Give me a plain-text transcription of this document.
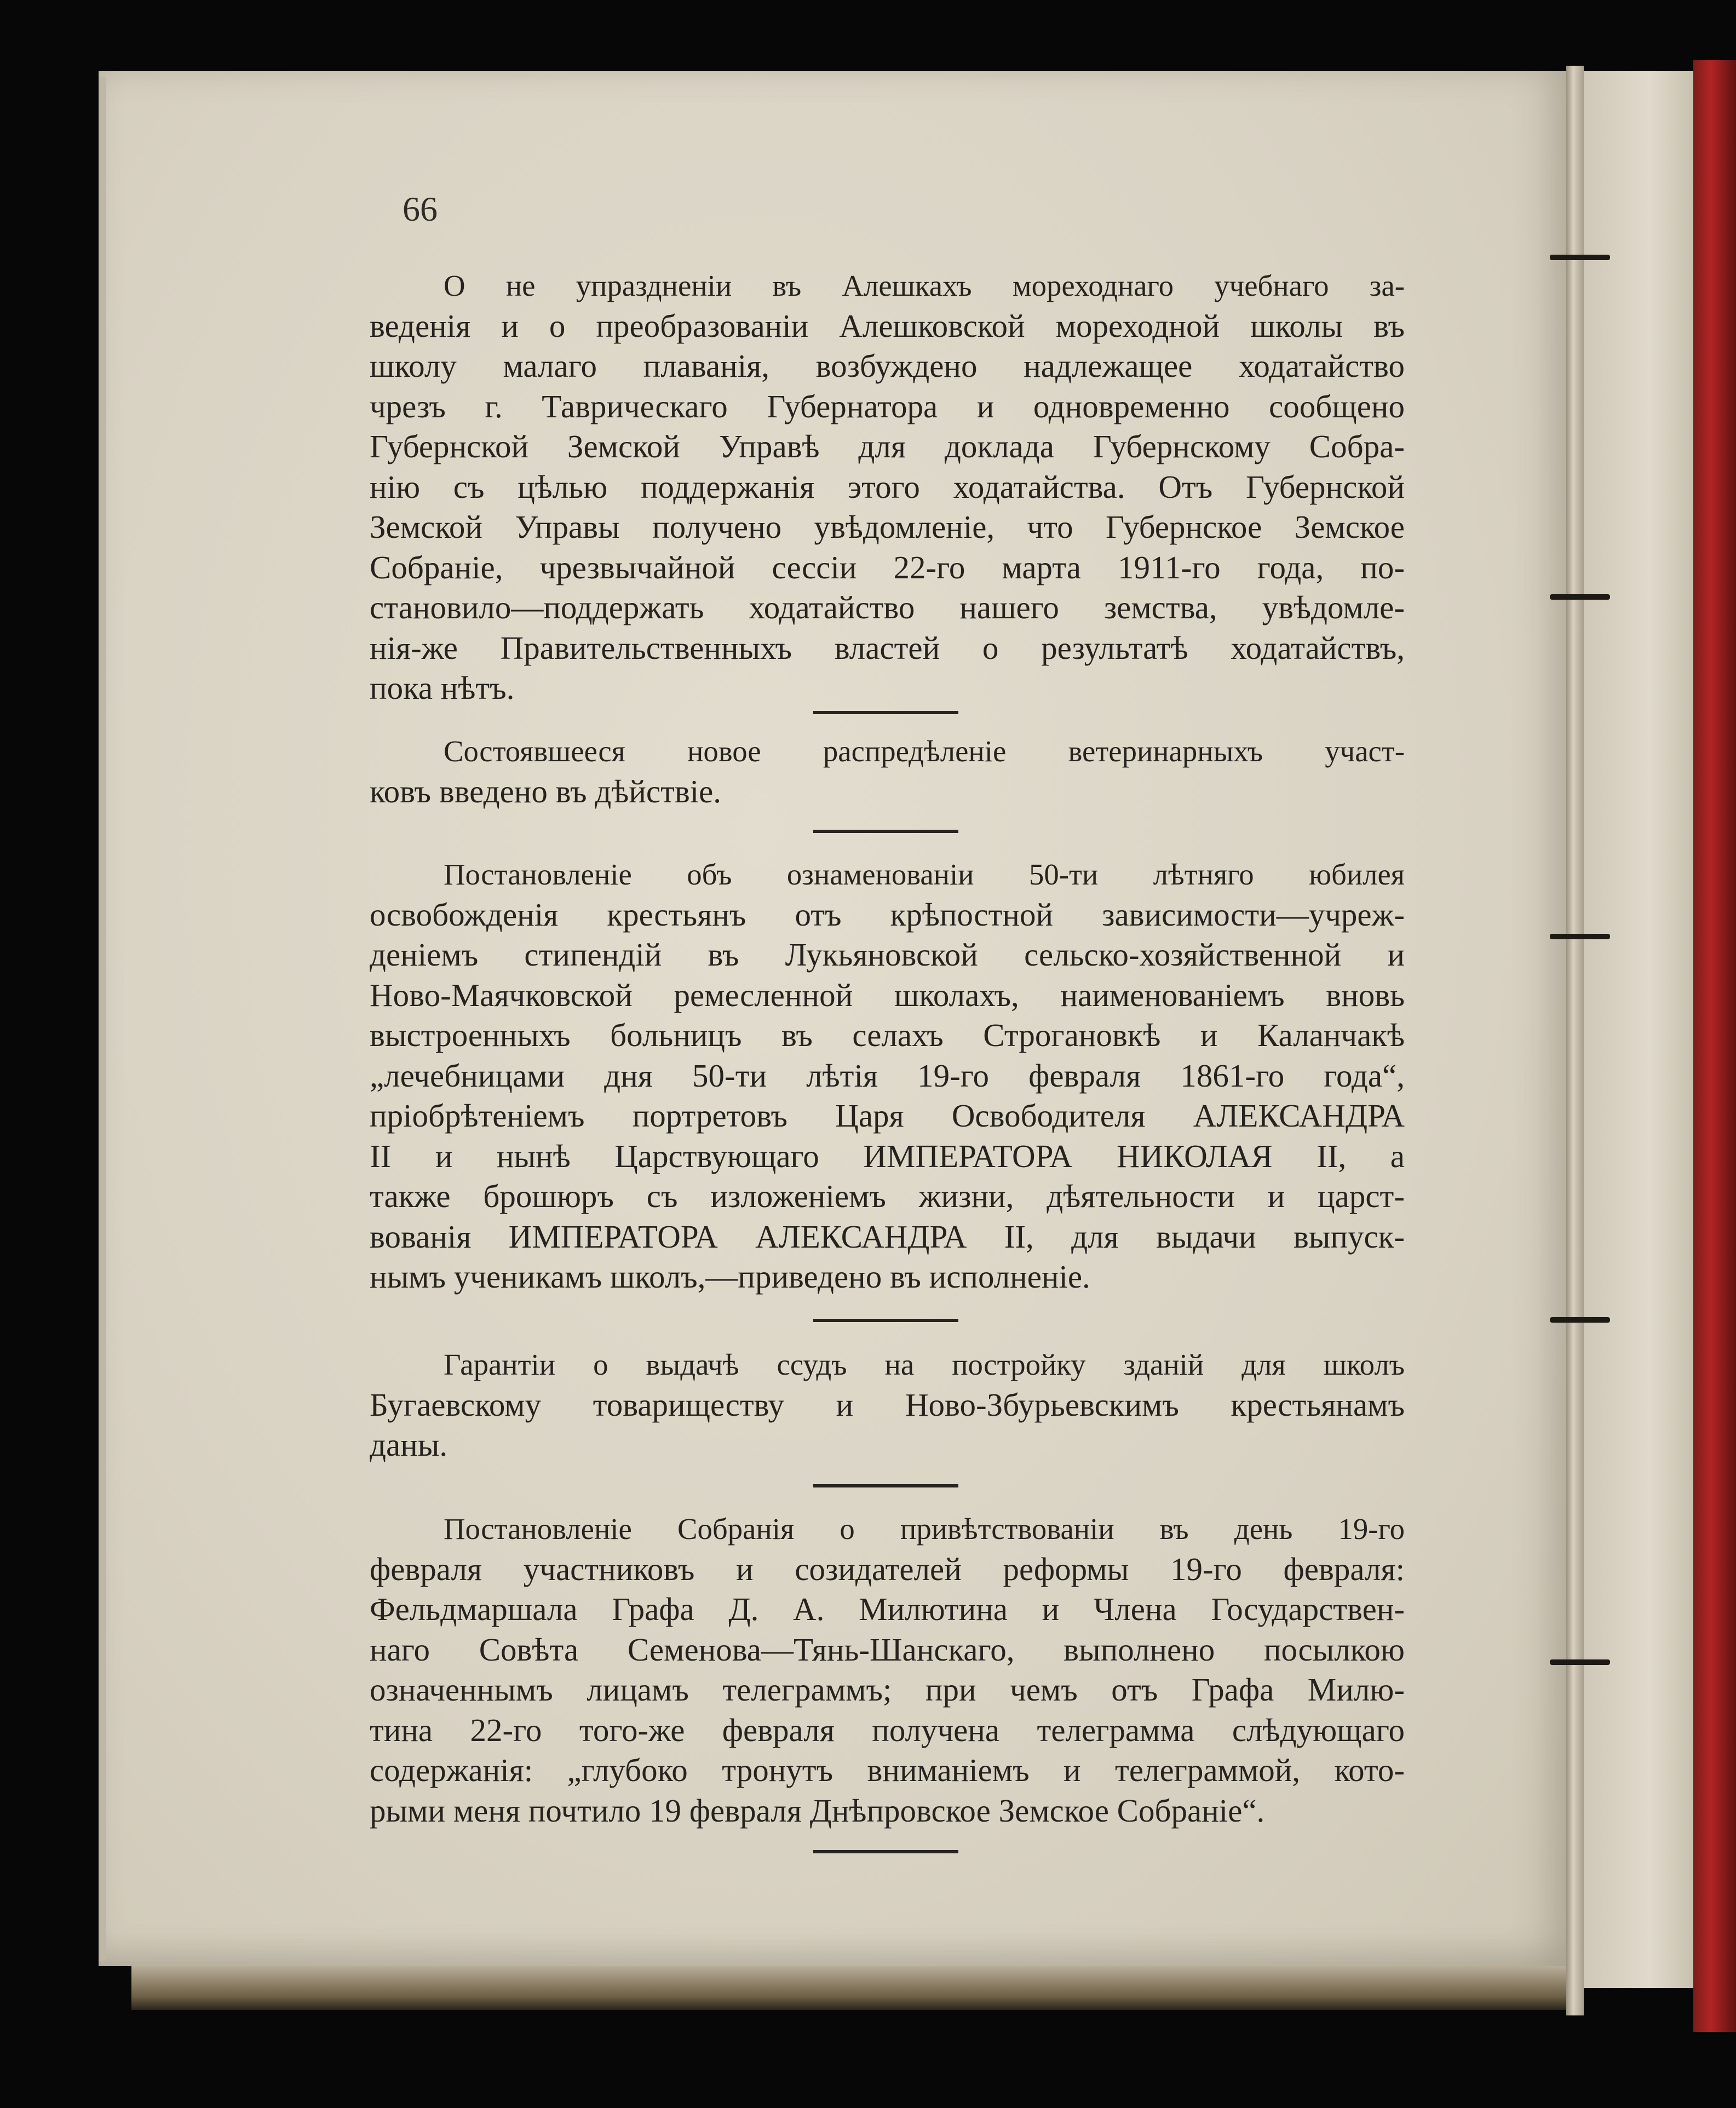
66
О не упраздненіи въ Алешкахъ мореходнаго учебнаго за-
веденія и о преобразованіи Алешковской мореходной школы въ
школу малаго плаванія, возбуждено надлежащее ходатайство
чрезъ г. Таврическаго Губернатора и одновременно сообщено
Губернской Земской Управѣ для доклада Губернскому Собра-
нію съ цѣлью поддержанія этого ходатайства. Отъ Губернской
Земской Управы получено увѣдомленіе, что Губернское Земское
Собраніе, чрезвычайной сессіи 22-го марта 1911-го года, по-
становило—поддержать ходатайство нашего земства, увѣдомле-
нія-же Правительственныхъ властей о результатѣ ходатайствъ,
пока нѣтъ.
Состоявшееся новое распредѣленіе ветеринарныхъ участ-
ковъ введено въ дѣйствіе.
Постановленіе объ ознаменованіи 50-ти лѣтняго юбилея
освобожденія крестьянъ отъ крѣпостной зависимости—учреж-
деніемъ стипендій въ Лукьяновской сельско-хозяйственной и
Ново-Маячковской ремесленной школахъ, наименованіемъ вновь
выстроенныхъ больницъ въ селахъ Строгановкѣ и Каланчакѣ
„лечебницами дня 50-ти лѣтія 19-го февраля 1861-го года“,
пріобрѣтеніемъ портретовъ Царя Освободителя АЛЕКСАНДРА
II и нынѣ Царствующаго ИМПЕРАТОРА НИКОЛАЯ II, а
также брошюръ съ изложеніемъ жизни, дѣятельности и царст-
вованія ИМПЕРАТОРА АЛЕКСАНДРА II, для выдачи выпуск-
нымъ ученикамъ школъ,—приведено въ исполненіе.
Гарантіи о выдачѣ ссудъ на постройку зданій для школъ
Бугаевскому товариществу и Ново-Збурьевскимъ крестьянамъ
даны.
Постановленіе Собранія о привѣтствованіи въ день 19-го
февраля участниковъ и созидателей реформы 19-го февраля:
Фельдмаршала Графа Д. А. Милютина и Члена Государствен-
наго Совѣта Семенова—Тянь-Шанскаго, выполнено посылкою
означеннымъ лицамъ телеграммъ; при чемъ отъ Графа Милю-
тина 22-го того-же февраля получена телеграмма слѣдующаго
содержанія: „глубоко тронутъ вниманіемъ и телеграммой, кото-
рыми меня почтило 19 февраля Днѣпровское Земское Собраніе“.
